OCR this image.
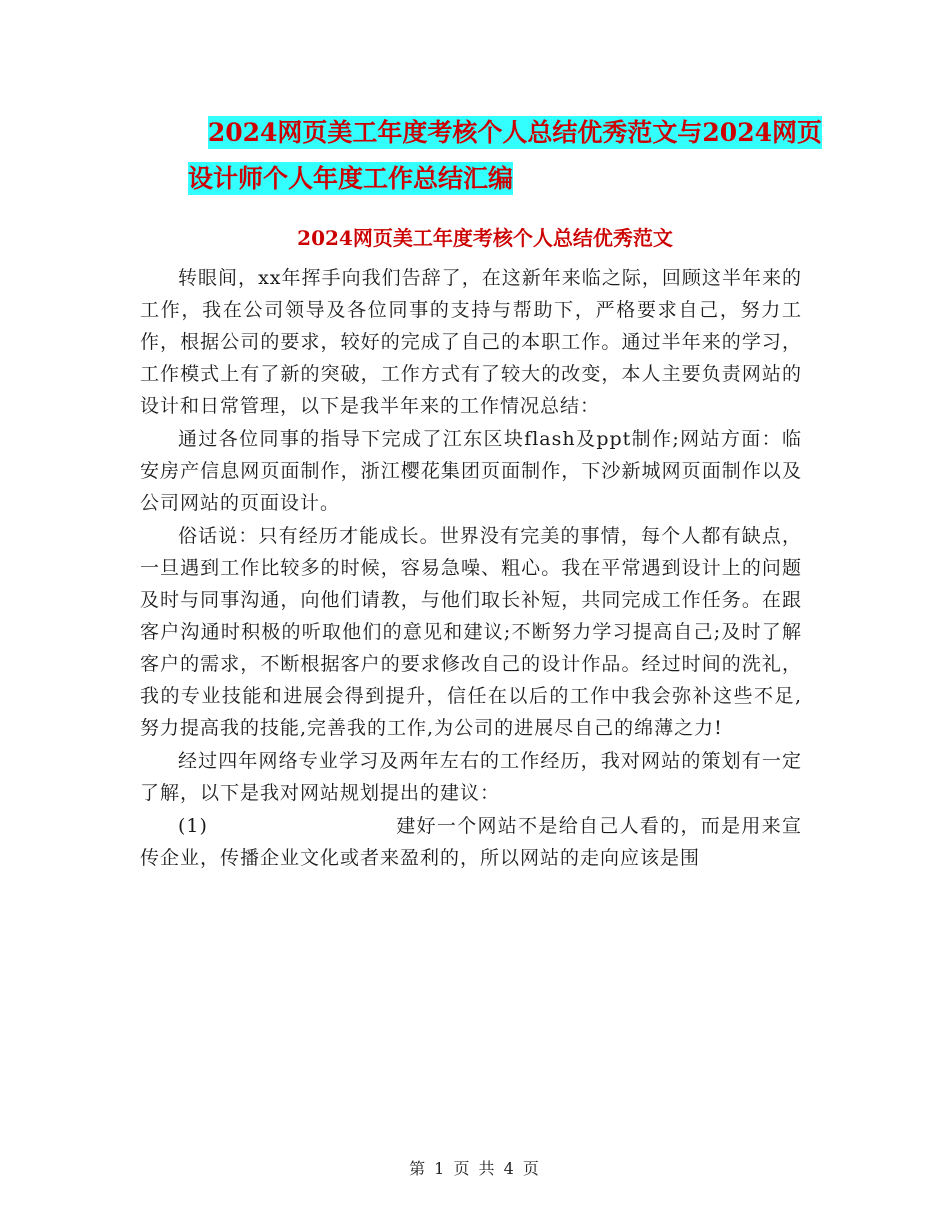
2024网页美工年度考核个人总结优秀范文与2024网页
设计师个人年度工作总结汇编
2024网页美工年度考核个人总结优秀范文

转眼间，xx年挥手向我们告辞了，在这新年来临之际，回顾这半年来的工作，我在公司领导及各位同事的支持与帮助下，严格要求自己，努力工作，根据公司的要求，较好的完成了自己的本职工作。通过半年来的学习，工作模式上有了新的突破，工作方式有了较大的改变，本人主要负责网站的设计和日常管理，以下是我半年来的工作情况总结：

通过各位同事的指导下完成了江东区块flash及ppt制作;网站方面：临安房产信息网页面制作，浙江樱花集团页面制作，下沙新城网页面制作以及公司网站的页面设计。

俗话说：只有经历才能成长。世界没有完美的事情，每个人都有缺点，一旦遇到工作比较多的时候，容易急噪、粗心。我在平常遇到设计上的问题及时与同事沟通，向他们请教，与他们取长补短，共同完成工作任务。在跟客户沟通时积极的听取他们的意见和建议;不断努力学习提高自己;及时了解客户的需求，不断根据客户的要求修改自己的设计作品。经过时间的洗礼，我的专业技能和进展会得到提升，信任在以后的工作中我会弥补这些不足,努力提高我的技能,完善我的工作,为公司的进展尽自己的绵薄之力!

经过四年网络专业学习及两年左右的工作经历，我对网站的策划有一定了解，以下是我对网站规划提出的建议：

(1)	建好一个网站不是给自己人看的，而是用来宣传企业，传播企业文化或者来盈利的，所以网站的走向应该是围

第 1 页 共 4 页
